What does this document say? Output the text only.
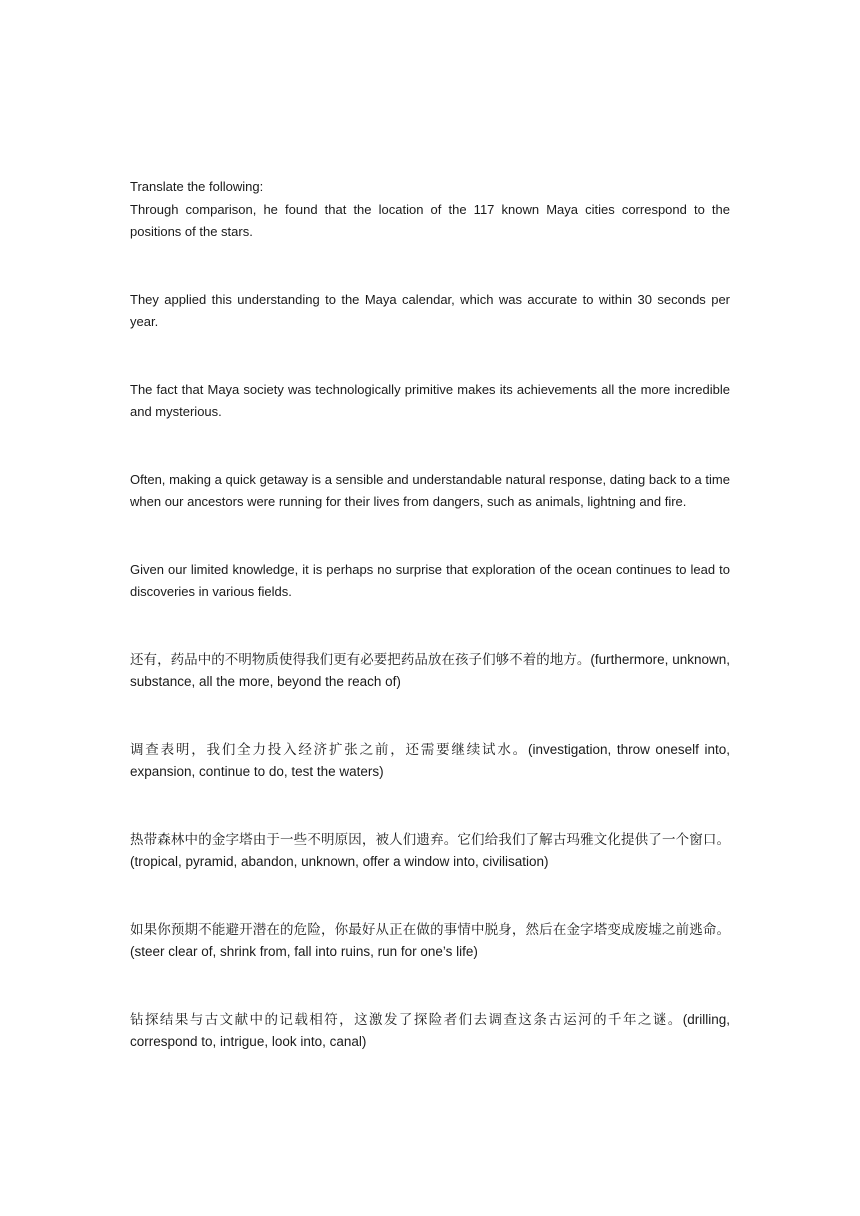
Translate the following:

Through comparison, he found that the location of the 117 known Maya cities correspond to the positions of the stars.

They applied this understanding to the Maya calendar, which was accurate to within 30 seconds per year.

The fact that Maya society was technologically primitive makes its achievements all the more incredible and mysterious.

Often, making a quick getaway is a sensible and understandable natural response, dating back to a time when our ancestors were running for their lives from dangers, such as animals, lightning and fire.

Given our limited knowledge, it is perhaps no surprise that exploration of the ocean continues to lead to discoveries in various fields.

还有，药品中的不明物质使得我们更有必要把药品放在孩子们够不着的地方。(furthermore, unknown, substance, all the more, beyond the reach of)

调查表明，我们全力投入经济扩张之前，还需要继续试水。(investigation, throw oneself into, expansion, continue to do, test the waters)

热带森林中的金字塔由于一些不明原因，被人们遗弃。它们给我们了解古玛雅文化提供了一个窗口。(tropical, pyramid, abandon, unknown, offer a window into, civilisation)

如果你预期不能避开潜在的危险，你最好从正在做的事情中脱身，然后在金字塔变成废墟之前逃命。(steer clear of, shrink from, fall into ruins, run for one’s life)

钻探结果与古文献中的记载相符，这激发了探险者们去调查这条古运河的千年之谜。(drilling, correspond to, intrigue, look into, canal)
